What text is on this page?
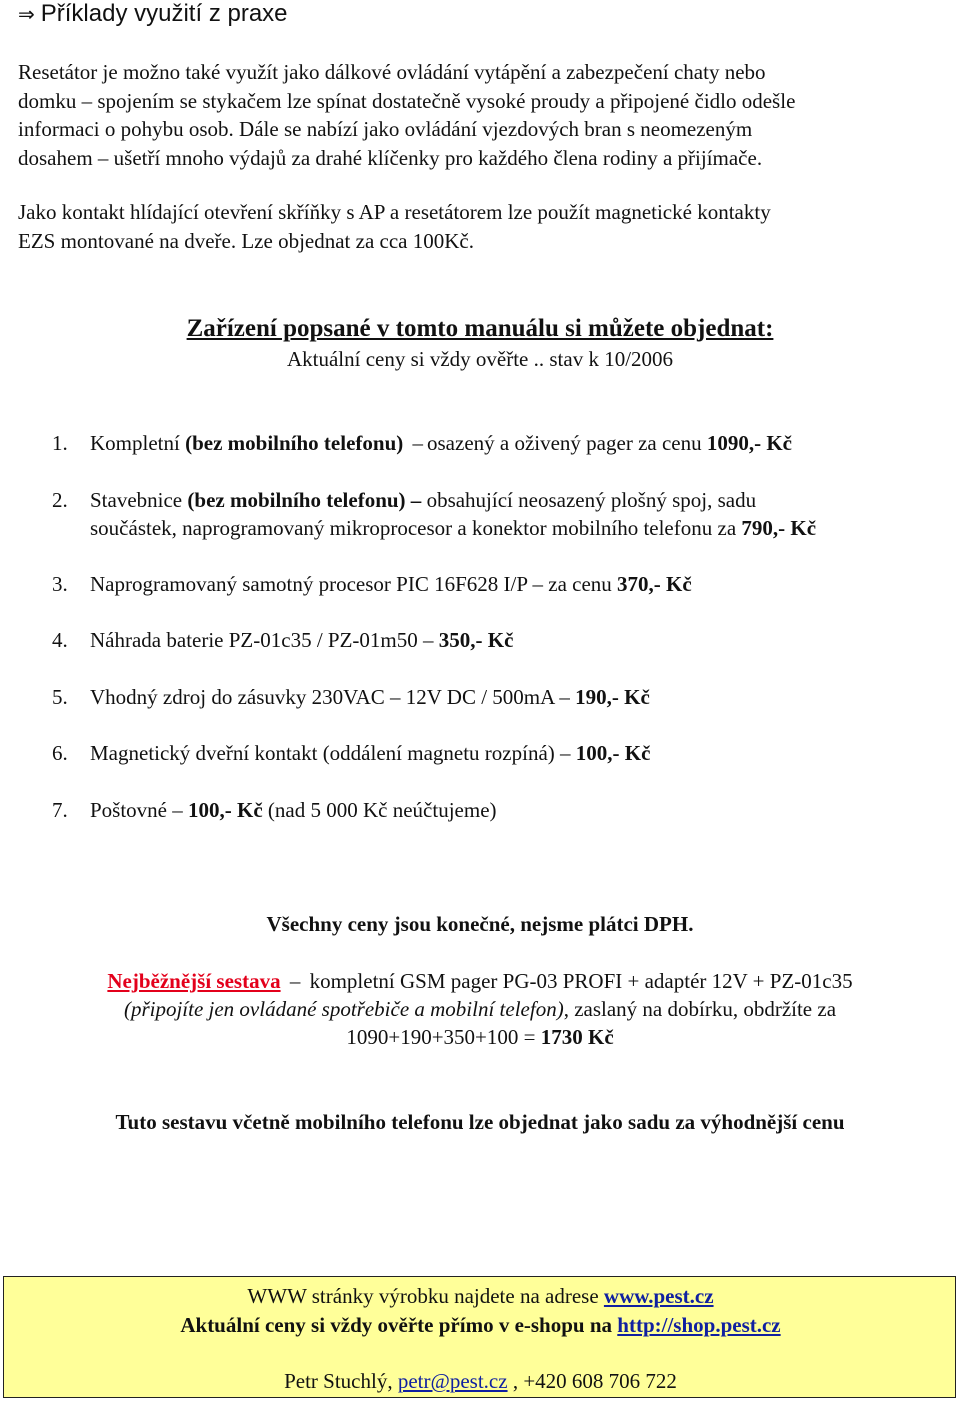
⇒ Příklady využití z praxe
Resetátor je možno také využít jako dálkové ovládání vytápění a zabezpečení chaty nebo
domku – spojením se stykačem lze spínat dostatečně vysoké proudy a připojené čidlo odešle
informaci o pohybu osob. Dále se nabízí jako ovládání vjezdových bran s neomezeným
dosahem – ušetří mnoho výdajů za drahé klíčenky pro každého člena rodiny a přijímače.
Jako kontakt hlídající otevření skříňky s AP a resetátorem lze použít magnetické kontakty
EZS montované na dveře. Lze objednat za cca 100Kč.
Zařízení popsané v tomto manuálu si můžete objednat:
Aktuální ceny si vždy ověřte .. stav k 10/2006
1. Kompletní (bez mobilního telefonu) – osazený a oživený pager za cenu 1090,- Kč
2. Stavebnice (bez mobilního telefonu) – obsahující neosazený plošný spoj, sadu
součástek, naprogramovaný mikroprocesor a konektor mobilního telefonu za 790,- Kč
3. Naprogramovaný samotný procesor PIC 16F628 I/P – za cenu 370,- Kč
4. Náhrada baterie PZ-01c35 / PZ-01m50 – 350,- Kč
5. Vhodný zdroj do zásuvky 230VAC – 12V DC / 500mA – 190,- Kč
6. Magnetický dveřní kontakt (oddálení magnetu rozpíná) – 100,- Kč
7. Poštovné – 100,- Kč (nad 5 000 Kč neúčtujeme)
Všechny ceny jsou konečné, nejsme plátci DPH.
Nejběžnější sestava – kompletní GSM pager PG-03 PROFI + adaptér 12V + PZ-01c35
(připojíte jen ovládané spotřebiče a mobilní telefon), zaslaný na dobírku, obdržíte za
1090+190+350+100 = 1730 Kč
Tuto sestavu včetně mobilního telefonu lze objednat jako sadu za výhodnější cenu
WWW stránky výrobku najdete na adrese www.pest.cz
Aktuální ceny si vždy ověřte přímo v e-shopu na http://shop.pest.cz
Petr Stuchlý, petr@pest.cz , +420 608 706 722
